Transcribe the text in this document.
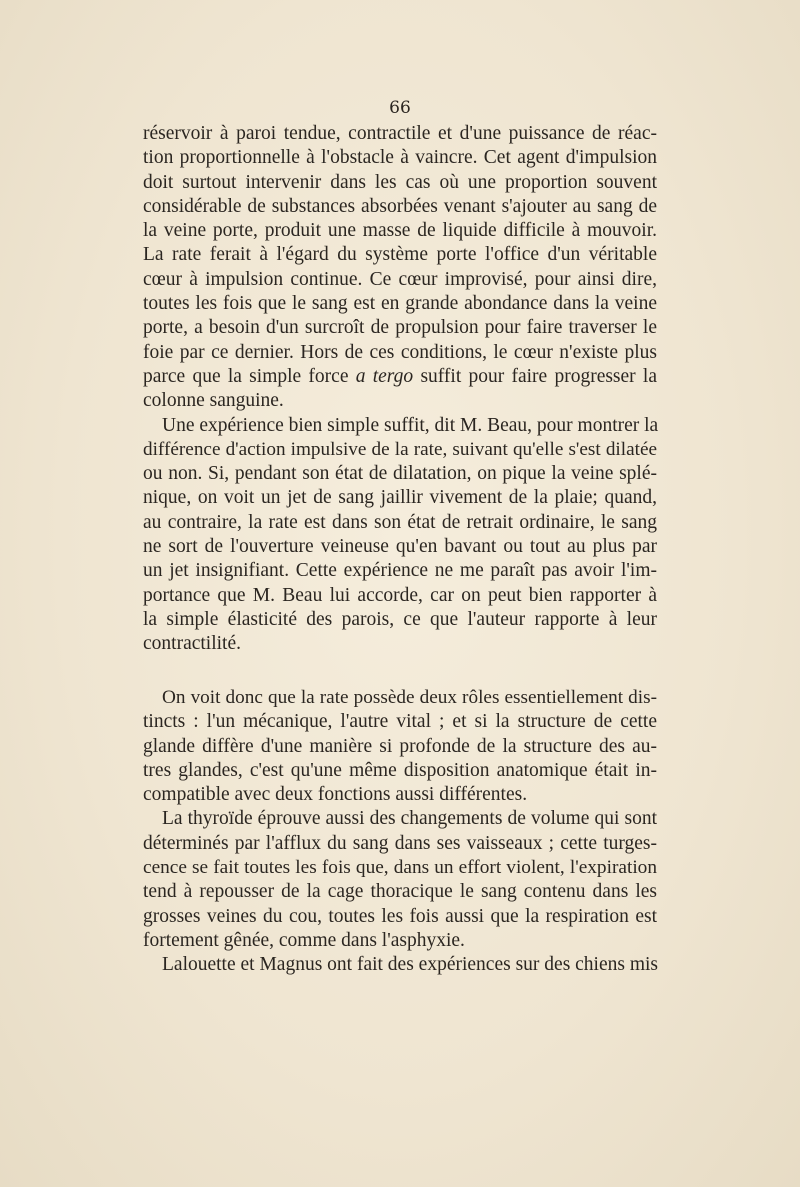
66
réservoir à paroi tendue, contractile et d'une puissance de réac-
tion proportionnelle à l'obstacle à vaincre. Cet agent d'impulsion
doit surtout intervenir dans les cas où une proportion souvent
considérable de substances absorbées venant s'ajouter au sang de
la veine porte, produit une masse de liquide difficile à mouvoir.
La rate ferait à l'égard du système porte l'office d'un véritable
cœur à impulsion continue. Ce cœur improvisé, pour ainsi dire,
toutes les fois que le sang est en grande abondance dans la veine
porte, a besoin d'un surcroît de propulsion pour faire traverser le
foie par ce dernier. Hors de ces conditions, le cœur n'existe plus
parce que la simple force a tergo suffit pour faire progresser la
colonne sanguine.
Une expérience bien simple suffit, dit M. Beau, pour montrer la
différence d'action impulsive de la rate, suivant qu'elle s'est dilatée
ou non. Si, pendant son état de dilatation, on pique la veine splé-
nique, on voit un jet de sang jaillir vivement de la plaie; quand,
au contraire, la rate est dans son état de retrait ordinaire, le sang
ne sort de l'ouverture veineuse qu'en bavant ou tout au plus par
un jet insignifiant. Cette expérience ne me paraît pas avoir l'im-
portance que M. Beau lui accorde, car on peut bien rapporter à
la simple élasticité des parois, ce que l'auteur rapporte à leur
contractilité.
On voit donc que la rate possède deux rôles essentiellement dis-
tincts : l'un mécanique, l'autre vital ; et si la structure de cette
glande diffère d'une manière si profonde de la structure des au-
tres glandes, c'est qu'une même disposition anatomique était in-
compatible avec deux fonctions aussi différentes.
La thyroïde éprouve aussi des changements de volume qui sont
déterminés par l'afflux du sang dans ses vaisseaux ; cette turges-
cence se fait toutes les fois que, dans un effort violent, l'expiration
tend à repousser de la cage thoracique le sang contenu dans les
grosses veines du cou, toutes les fois aussi que la respiration est
fortement gênée, comme dans l'asphyxie.
Lalouette et Magnus ont fait des expériences sur des chiens mis
